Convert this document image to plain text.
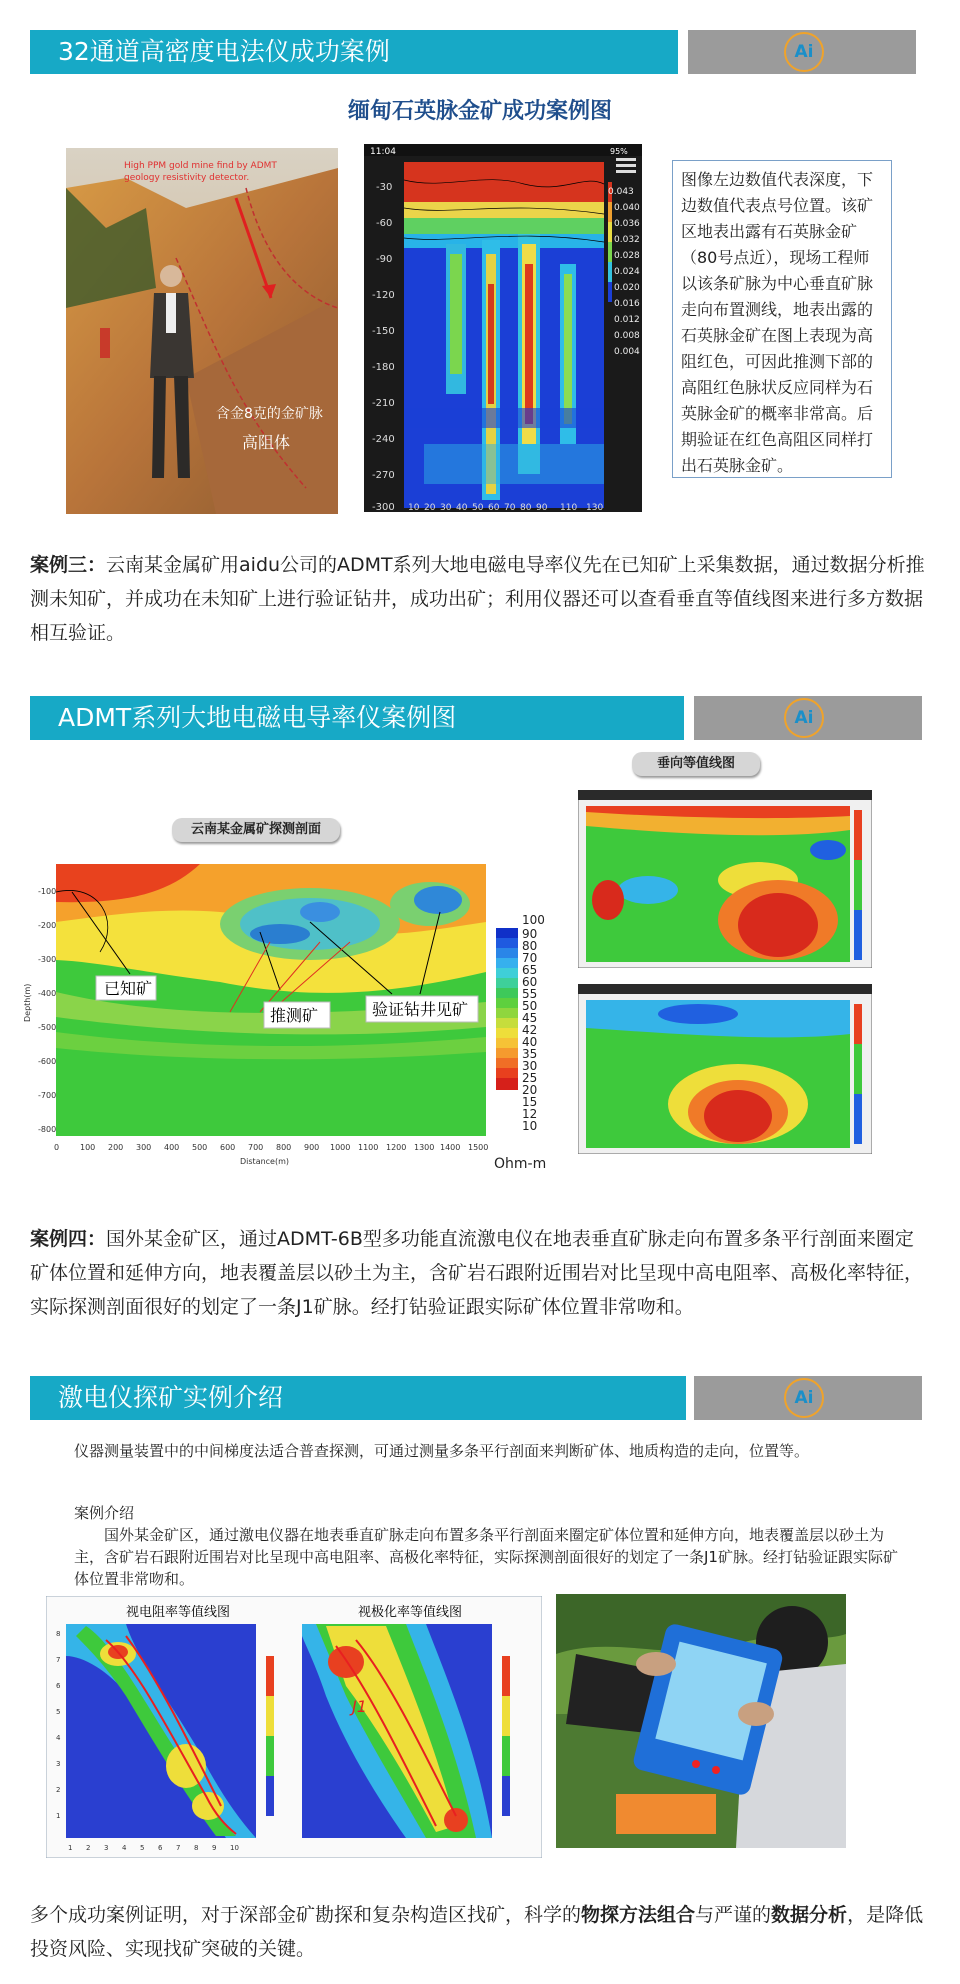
32通道高密度电法仪成功案例	Ai
缅甸石英脉金矿成功案例图
High PPM gold mine find by ADMT geology resistivity detector.
含金8克的金矿脉
高阻体
11:04	95%
-30
-60
-90
-120
-150
-180
-210
-240
-270
-300 10 20 30 40 50 60 70 80 90 110 130
0.043
0.040
0.036
0.032
0.028
0.024
0.020
0.016
0.012
0.008
0.004
图像左边数值代表深度，下边数值代表点号位置。该矿区地表出露有石英脉金矿（80号点近），现场工程师以该条矿脉为中心垂直矿脉走向布置测线，地表出露的石英脉金矿在图上表现为高阻红色，可因此推测下部的高阻红色脉状反应同样为石英脉金矿的概率非常高。后期验证在红色高阻区同样打出石英脉金矿。
案例三：云南某金属矿用aidu公司的ADMT系列大地电磁电导率仪先在已知矿上采集数据，通过数据分析推测未知矿，并成功在未知矿上进行验证钻井，成功出矿；利用仪器还可以查看垂直等值线图来进行多方数据相互验证。
ADMT系列大地电磁电导率仪案例图	Ai
云南某金属矿探测剖面
垂向等值线图
已知矿
推测矿	验证钻井见矿
-100
-200
-300
-400
-500
-600
-700
-800
Depth(m)
0	100 200 300 400 500 600 700 800 900 1000 1100 1200 1300 1400 1500
Distance(m)
100
90
80
70
65
60
55
50
45
42
40
35
30
25
20
15
12
10
Ohm-m
案例四：国外某金矿区，通过ADMT-6B型多功能直流激电仪在地表垂直矿脉走向布置多条平行剖面来圈定矿体位置和延伸方向，地表覆盖层以砂土为主，含矿岩石跟附近围岩对比呈现中高电阻率、高极化率特征，实际探测剖面很好的划定了一条J1矿脉。经打钻验证跟实际矿体位置非常吻和。
激电仪探矿实例介绍	Ai
仪器测量装置中的中间梯度法适合普查探测，可通过测量多条平行剖面来判断矿体、地质构造的走向，位置等。
案例介绍
国外某金矿区，通过激电仪器在地表垂直矿脉走向布置多条平行剖面来圈定矿体位置和延伸方向，地表覆盖层以砂土为主，含矿岩石跟附近围岩对比呈现中高电阻率、高极化率特征，实际探测剖面很好的划定了一条J1矿脉。经打钻验证跟实际矿体位置非常吻和。
视电阻率等值线图	视极化率等值线图
J1
1 2 3 4 5 6 7 8 9 10
8
7
6
5
4
3
2
1
多个成功案例证明，对于深部金矿勘探和复杂构造区找矿，科学的物探方法组合与严谨的数据分析，是降低投资风险、实现找矿突破的关键。
